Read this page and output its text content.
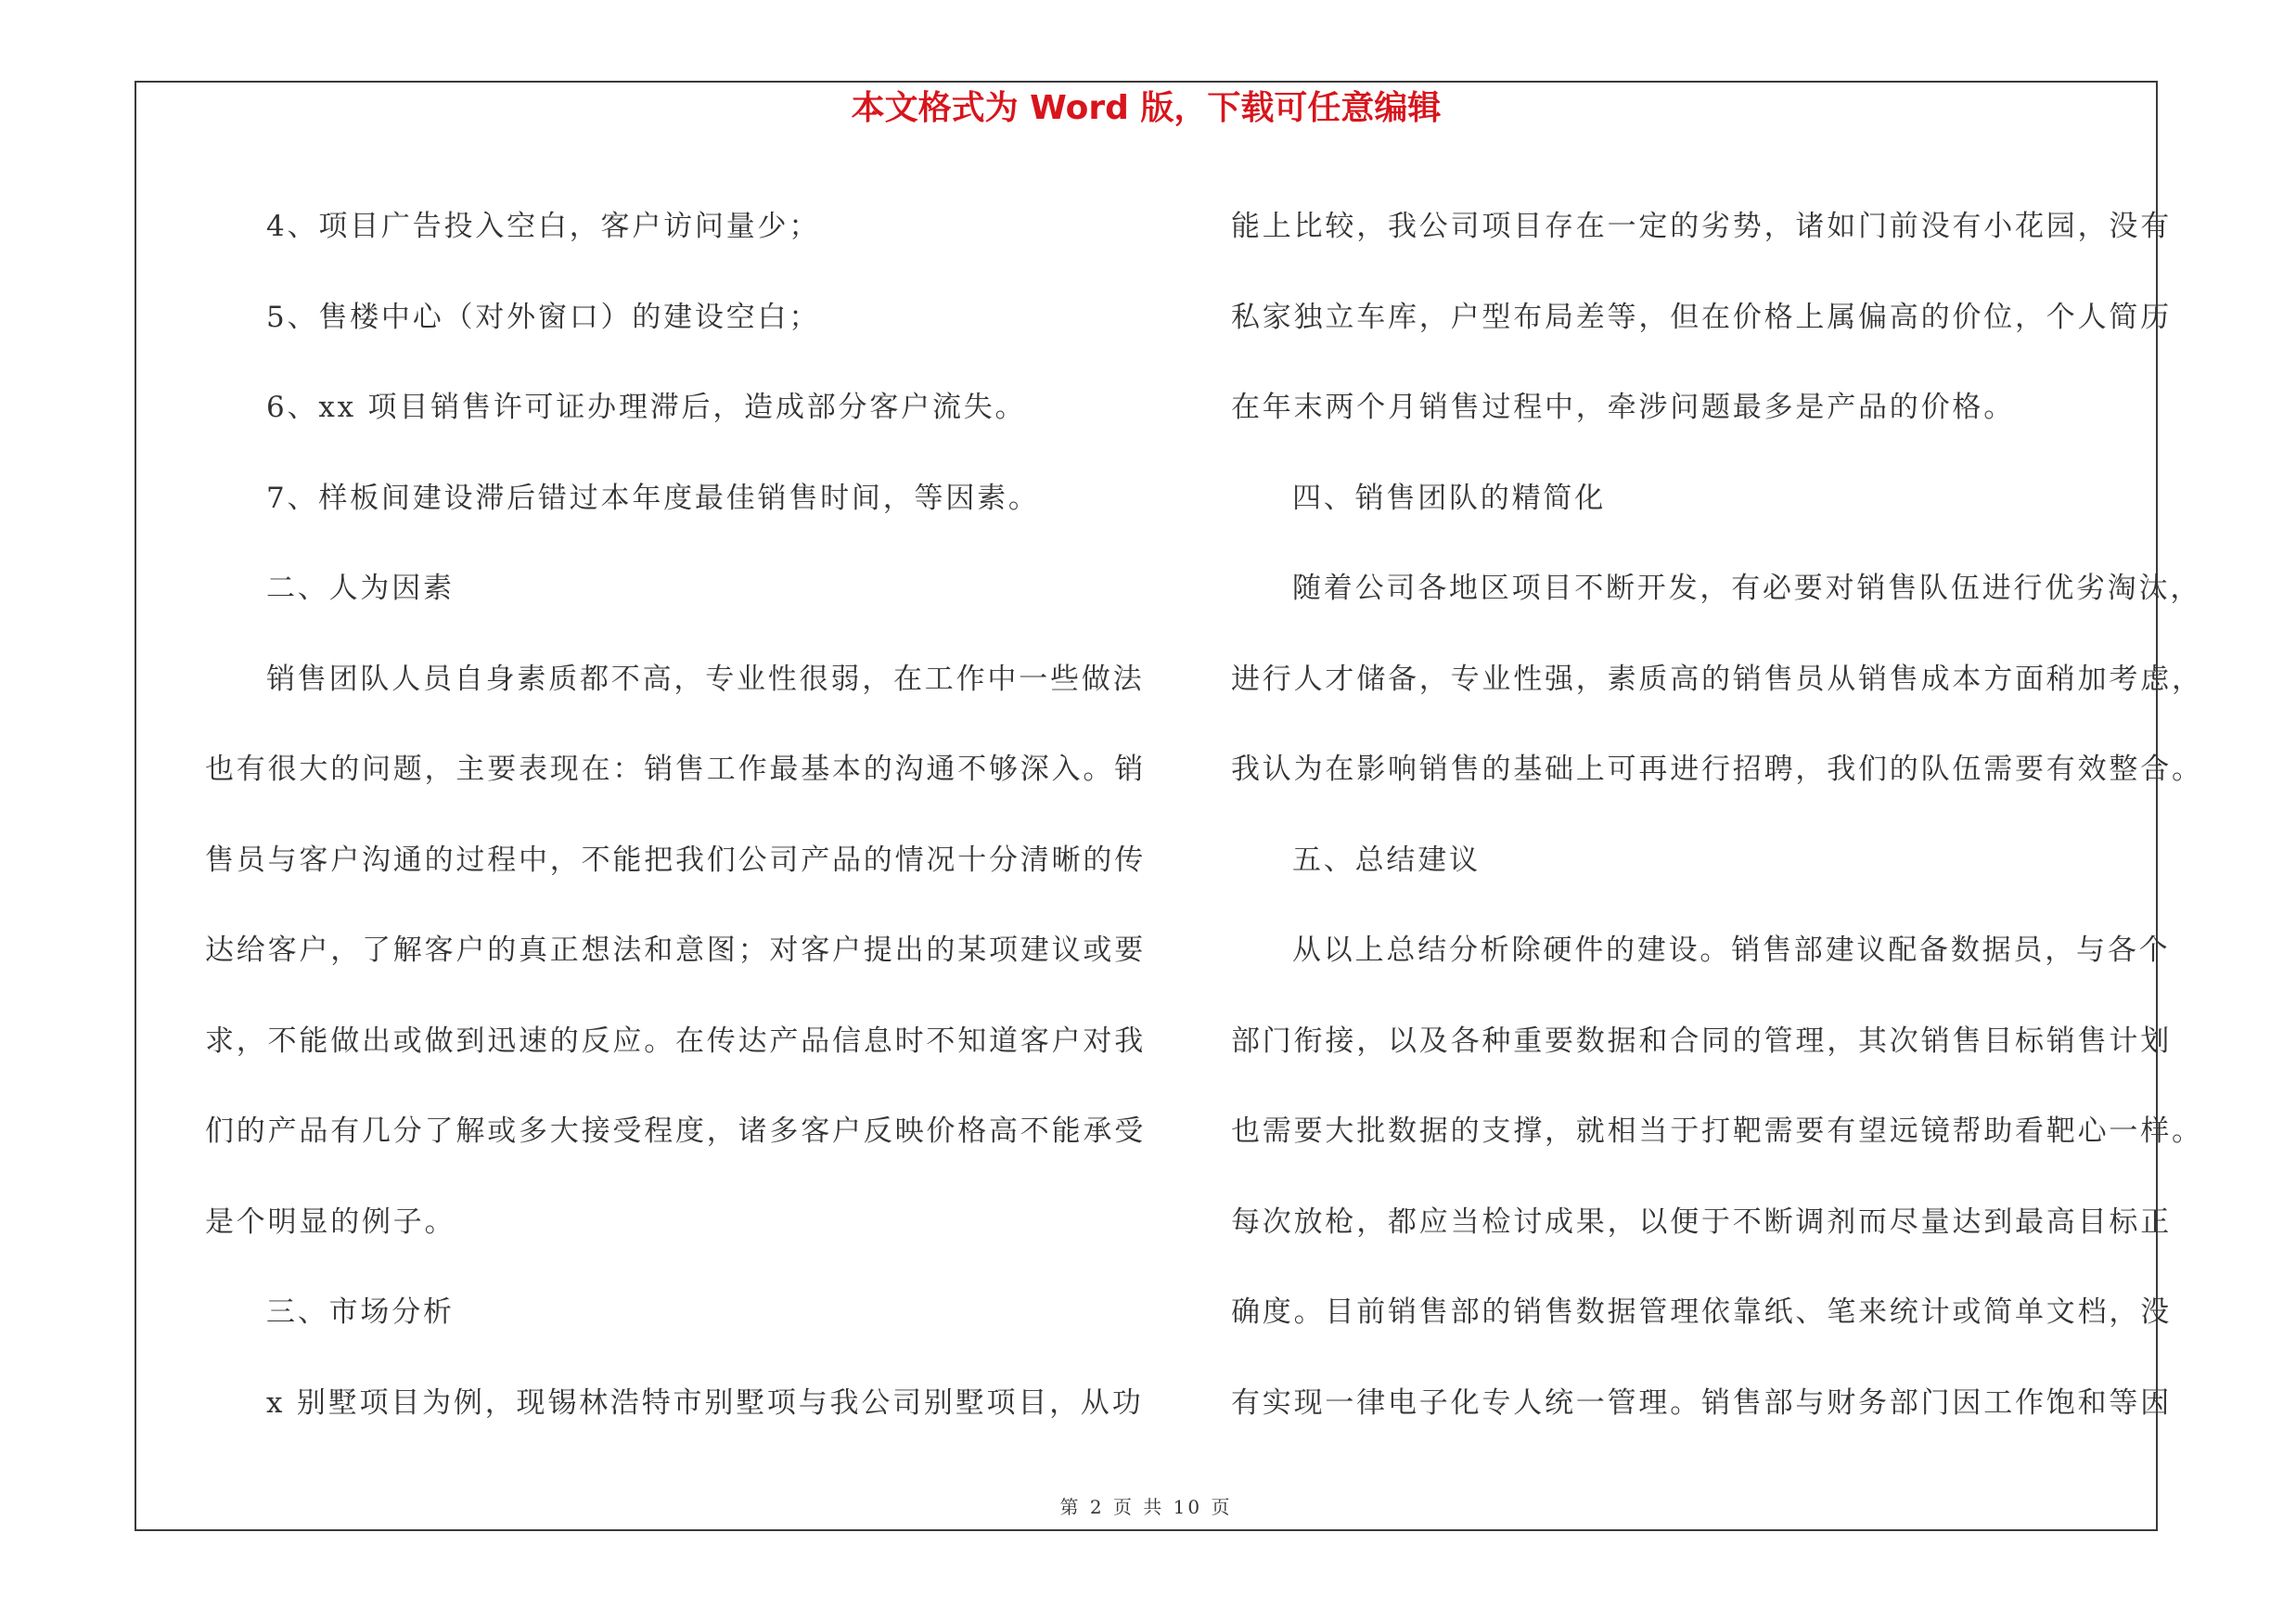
本文格式为 Word 版，下载可任意编辑
4、项目广告投入空白，客户访问量少；
5、售楼中心（对外窗口）的建设空白；
6、xx 项目销售许可证办理滞后，造成部分客户流失。
7、样板间建设滞后错过本年度最佳销售时间，等因素。
二、人为因素
销售团队人员自身素质都不高，专业性很弱，在工作中一些做法
也有很大的问题，主要表现在：销售工作最基本的沟通不够深入。销
售员与客户沟通的过程中，不能把我们公司产品的情况十分清晰的传
达给客户，了解客户的真正想法和意图；对客户提出的某项建议或要
求，不能做出或做到迅速的反应。在传达产品信息时不知道客户对我
们的产品有几分了解或多大接受程度，诸多客户反映价格高不能承受
是个明显的例子。
三、市场分析
x 别墅项目为例，现锡林浩特市别墅项与我公司别墅项目，从功
能上比较，我公司项目存在一定的劣势，诸如门前没有小花园，没有
私家独立车库，户型布局差等，但在价格上属偏高的价位，个人简历
在年末两个月销售过程中，牵涉问题最多是产品的价格。
四、销售团队的精简化
随着公司各地区项目不断开发，有必要对销售队伍进行优劣淘汰，
进行人才储备，专业性强，素质高的销售员从销售成本方面稍加考虑，
我认为在影响销售的基础上可再进行招聘，我们的队伍需要有效整合。
五、总结建议
从以上总结分析除硬件的建设。销售部建议配备数据员，与各个
部门衔接，以及各种重要数据和合同的管理，其次销售目标销售计划
也需要大批数据的支撑，就相当于打靶需要有望远镜帮助看靶心一样。
每次放枪，都应当检讨成果，以便于不断调剂而尽量达到最高目标正
确度。目前销售部的销售数据管理依靠纸、笔来统计或简单文档，没
有实现一律电子化专人统一管理。销售部与财务部门因工作饱和等因
第 2 页 共 10 页
